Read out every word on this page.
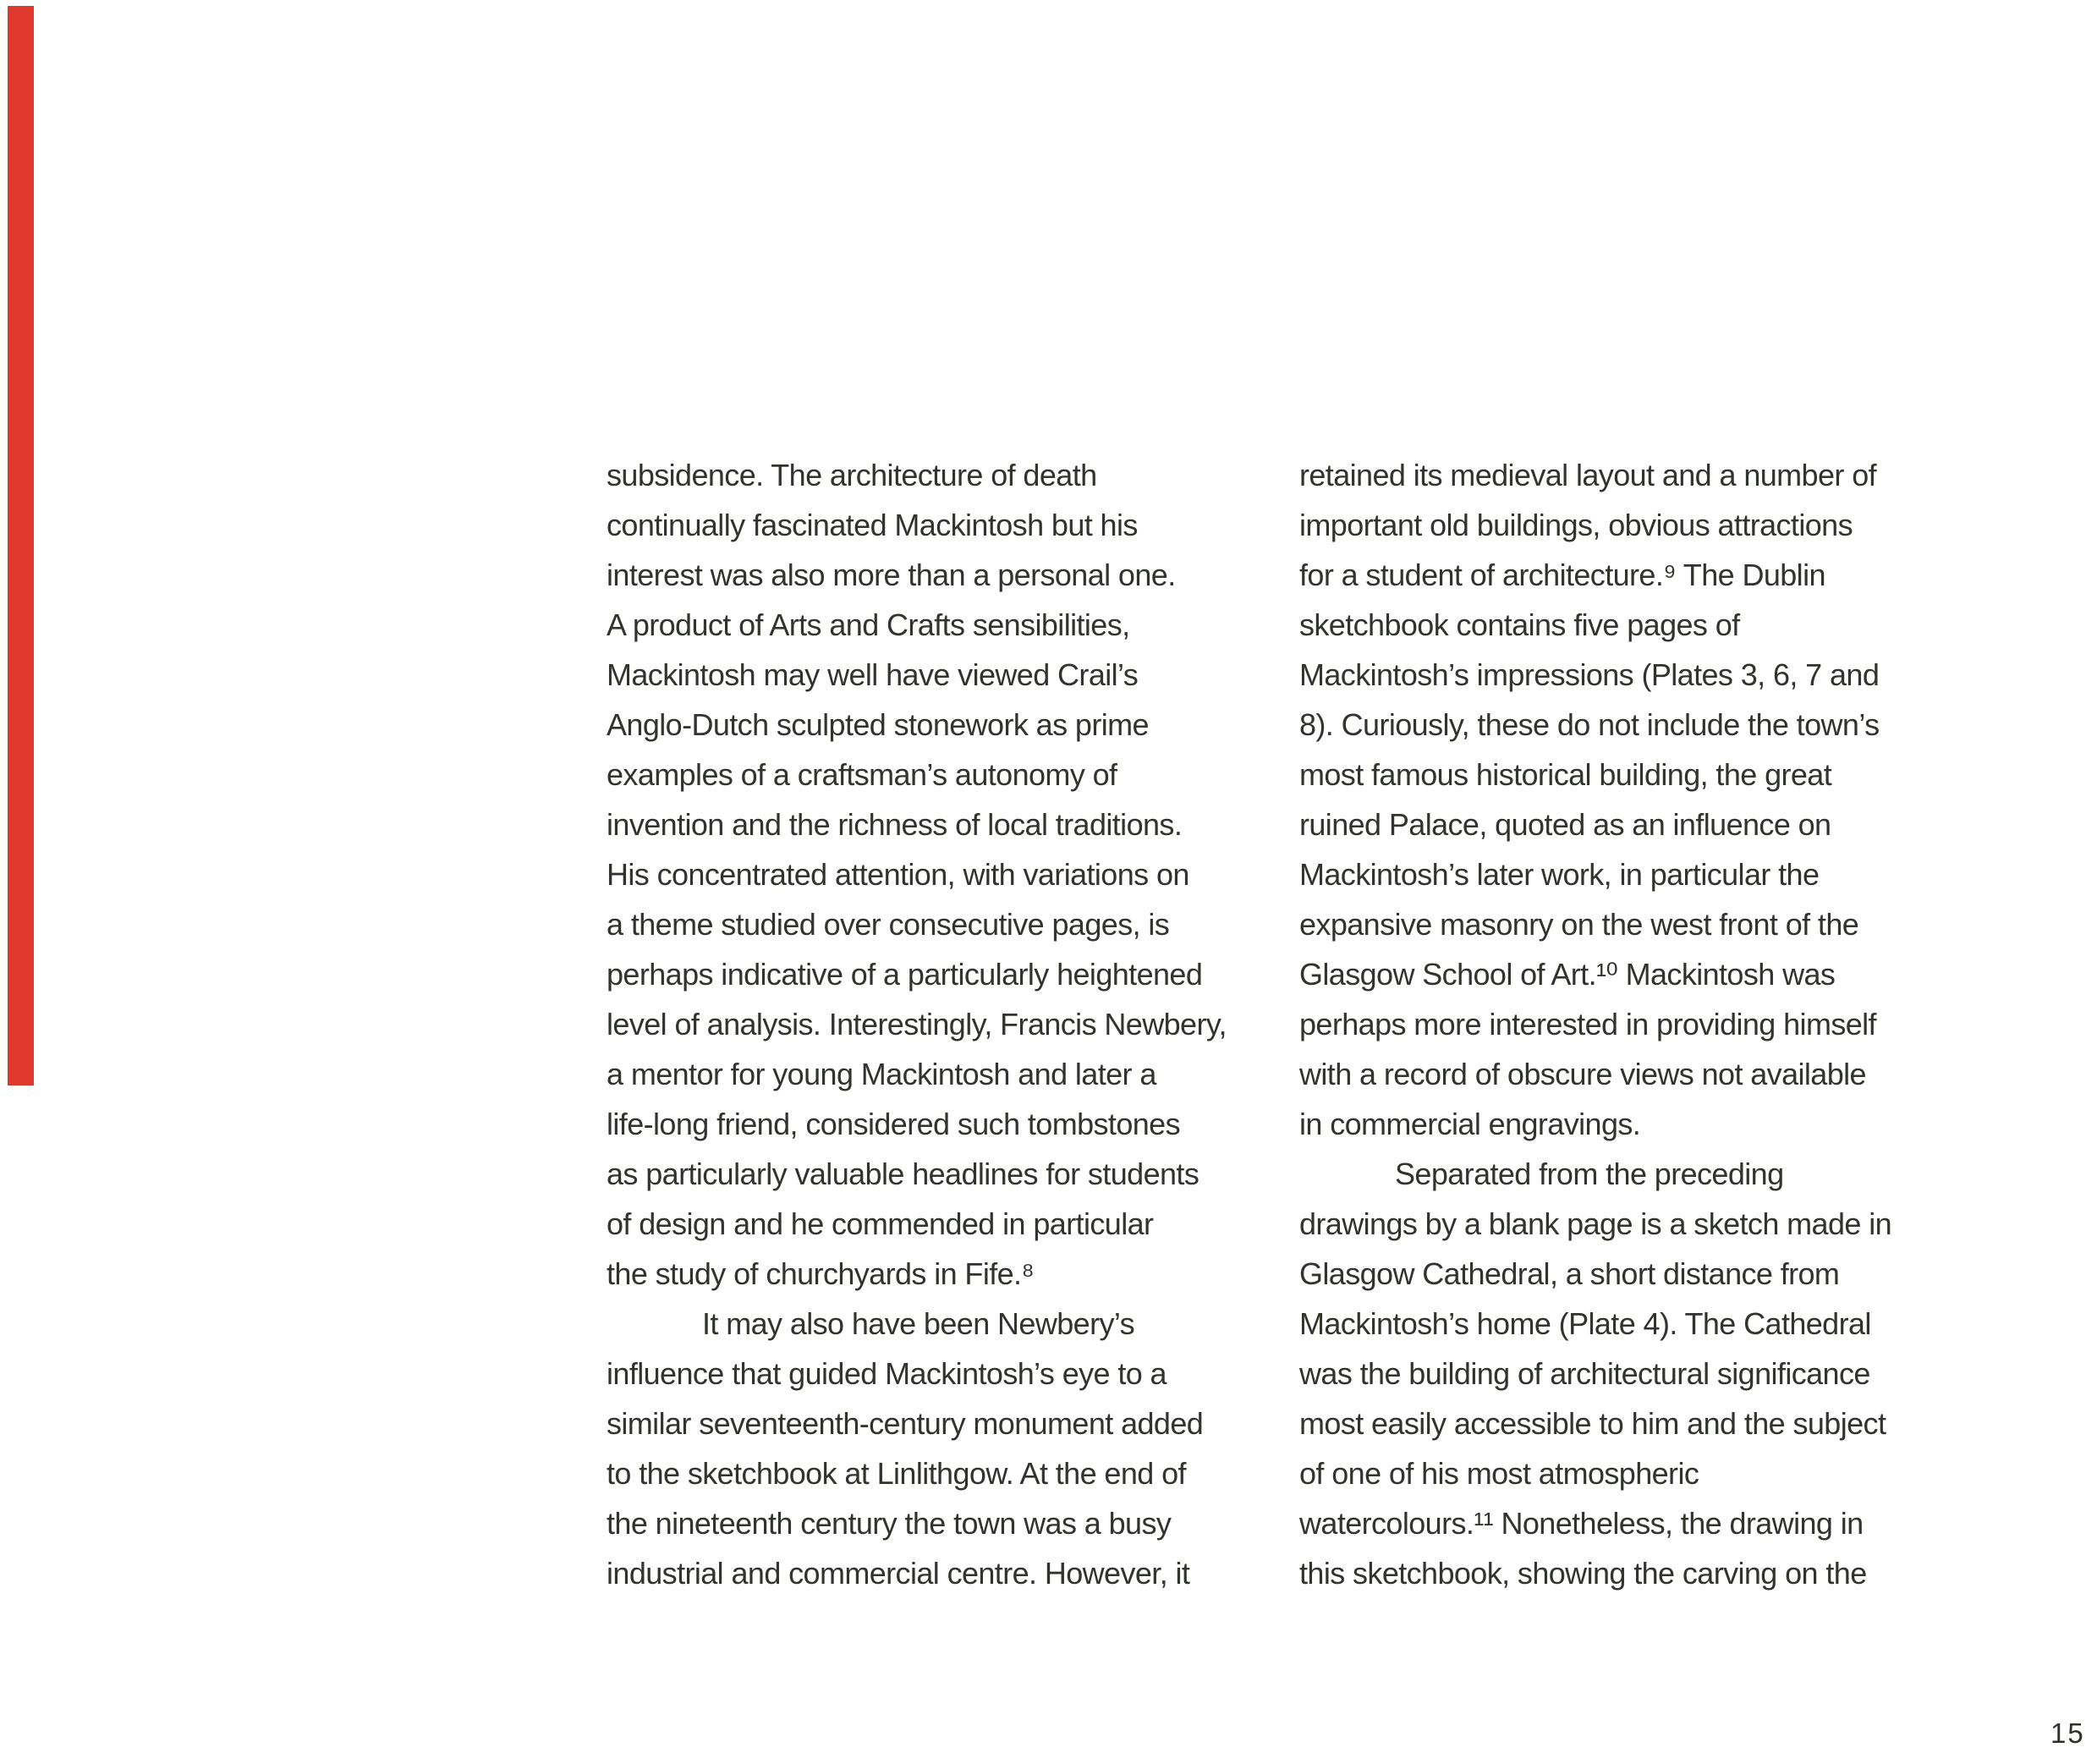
subsidence. The architecture of death
continually fascinated Mackintosh but his
interest was also more than a personal one.
A product of Arts and Crafts sensibilities,
Mackintosh may well have viewed Crail’s
Anglo-Dutch sculpted stonework as prime
examples of a craftsman’s autonomy of
invention and the richness of local traditions.
His concentrated attention, with variations on
a theme studied over consecutive pages, is
perhaps indicative of a particularly heightened
level of analysis. Interestingly, Francis Newbery,
a mentor for young Mackintosh and later a
life-long friend, considered such tombstones
as particularly valuable headlines for students
of design and he commended in particular
the study of churchyards in Fife.⁸
It may also have been Newbery’s
influence that guided Mackintosh’s eye to a
similar seventeenth-century monument added
to the sketchbook at Linlithgow. At the end of
the nineteenth century the town was a busy
industrial and commercial centre. However, it
retained its medieval layout and a number of
important old buildings, obvious attractions
for a student of architecture.⁹ The Dublin
sketchbook contains five pages of
Mackintosh’s impressions (Plates 3, 6, 7 and
8). Curiously, these do not include the town’s
most famous historical building, the great
ruined Palace, quoted as an influence on
Mackintosh’s later work, in particular the
expansive masonry on the west front of the
Glasgow School of Art.¹⁰ Mackintosh was
perhaps more interested in providing himself
with a record of obscure views not available
in commercial engravings.
Separated from the preceding
drawings by a blank page is a sketch made in
Glasgow Cathedral, a short distance from
Mackintosh’s home (Plate 4). The Cathedral
was the building of architectural significance
most easily accessible to him and the subject
of one of his most atmospheric
watercolours.¹¹ Nonetheless, the drawing in
this sketchbook, showing the carving on the
15
